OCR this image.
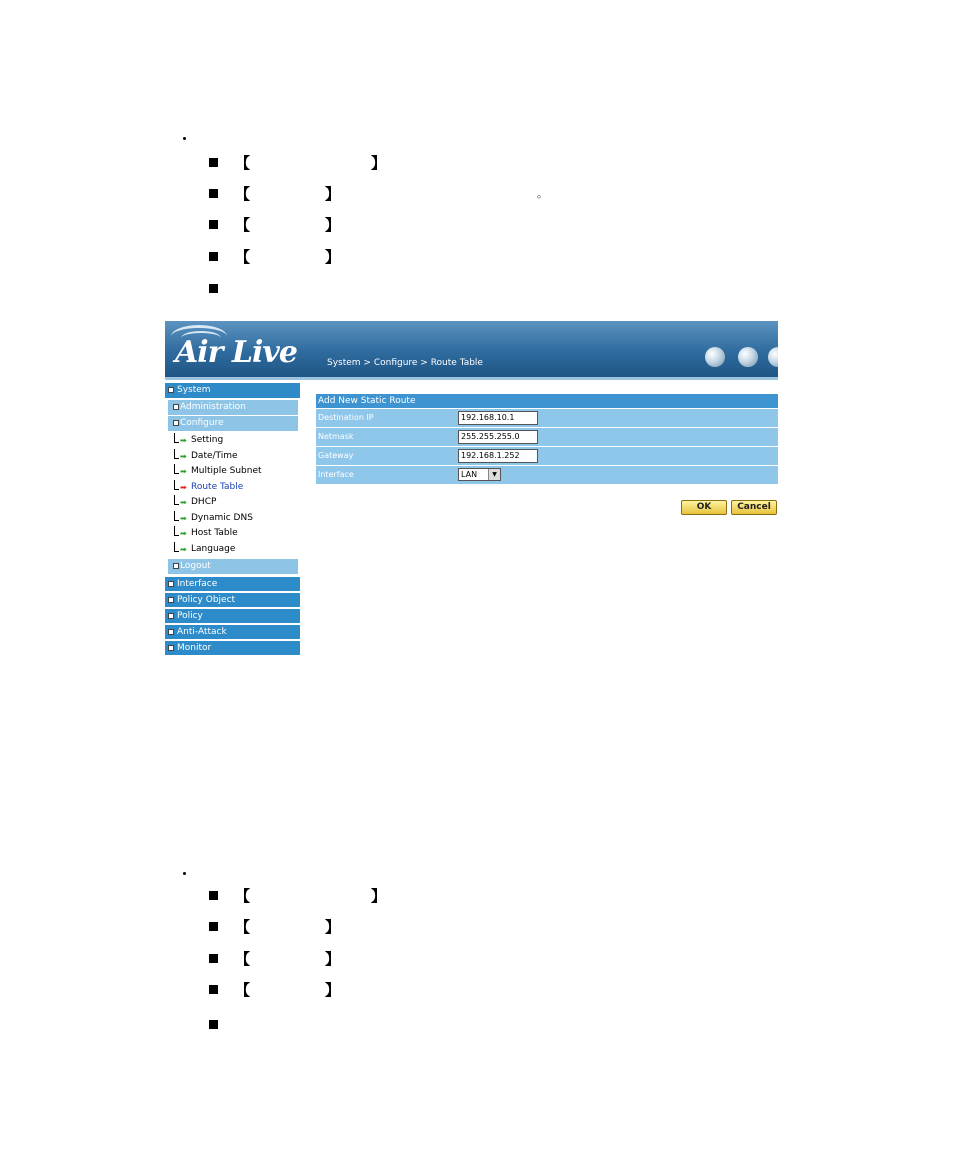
【	】
【	】	。
【	】
【	】
Air Live	System > Configure > Route Table
System
Administration
Configure
➡ Setting
➡ Date/Time
➡ Multiple Subnet
➡ Route Table
➡ DHCP
➡ Dynamic DNS
➡ Host Table
➡ Language
Logout
Interface
Policy Object
Policy
Anti-Attack
Monitor
Add New Static Route
Destination IP	192.168.10.1
Netmask	255.255.255.0
Gateway	192.168.1.252
Interface	LAN	▼
OK	Cancel
【	】
【	】
【	】
【	】
